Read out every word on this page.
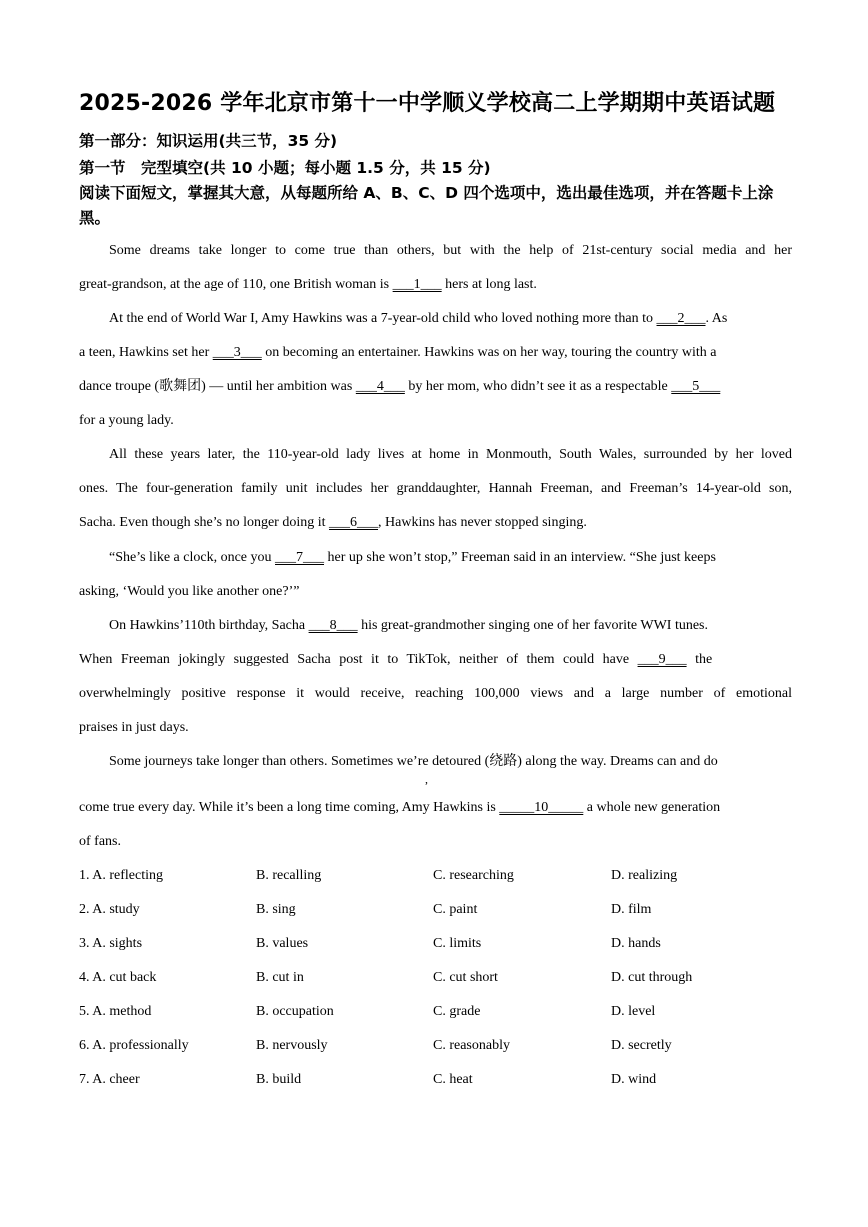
2025-2026 学年北京市第十一中学顺义学校高二上学期期中英语试题
第一部分：知识运用(共三节，35 分)
第一节　完型填空(共 10 小题；每小题 1.5 分，共 15 分)
阅读下面短文，掌握其大意，从每题所给 A、B、C、D 四个选项中，选出最佳选项，并在答题卡上涂黑。
Some dreams take longer to come true than others, but with the help of 21st-century social media and her
great-grandson, at the age of 110, one British woman is ___1___ hers at long last.
At the end of World War I, Amy Hawkins was a 7-year-old child who loved nothing more than to ___2___. As
a teen, Hawkins set her ___3___ on becoming an entertainer. Hawkins was on her way, touring the country with a
dance troupe (歌舞团) — until her ambition was ___4___ by her mom, who didn’t see it as a respectable ___5___
for a young lady.
All these years later, the 110-year-old lady lives at home in Monmouth, South Wales, surrounded by her loved
ones. The four-generation family unit includes her granddaughter, Hannah Freeman, and Freeman’s 14-year-old son,
Sacha. Even though she’s no longer doing it ___6___, Hawkins has never stopped singing.
“She’s like a clock, once you ___7___ her up she won’t stop,” Freeman said in an interview. “She just keeps
asking, ‘Would you like another one?’”
On Hawkins’110th birthday, Sacha ___8___ his great-grandmother singing one of her favorite WWI tunes.
When Freeman jokingly suggested Sacha post it to TikTok, neither of them could have ___9___ the
overwhelmingly positive response it would receive, reaching 100,000 views and a large number of emotional
praises in just days.
Some journeys take longer than others. Sometimes we’re detoured (绕路) along the way. Dreams can and do
,
come true every day. While it’s been a long time coming, Amy Hawkins is _____10_____ a whole new generation
of fans.
1. A. reflecting	B. recalling	C. researching	D. realizing
2. A. study	B. sing	C. paint	D. film
3. A. sights	B. values	C. limits	D. hands
4. A. cut back	B. cut in	C. cut short	D. cut through
5. A. method	B. occupation	C. grade	D. level
6. A. professionally	B. nervously	C. reasonably	D. secretly
7. A. cheer	B. build	C. heat	D. wind
